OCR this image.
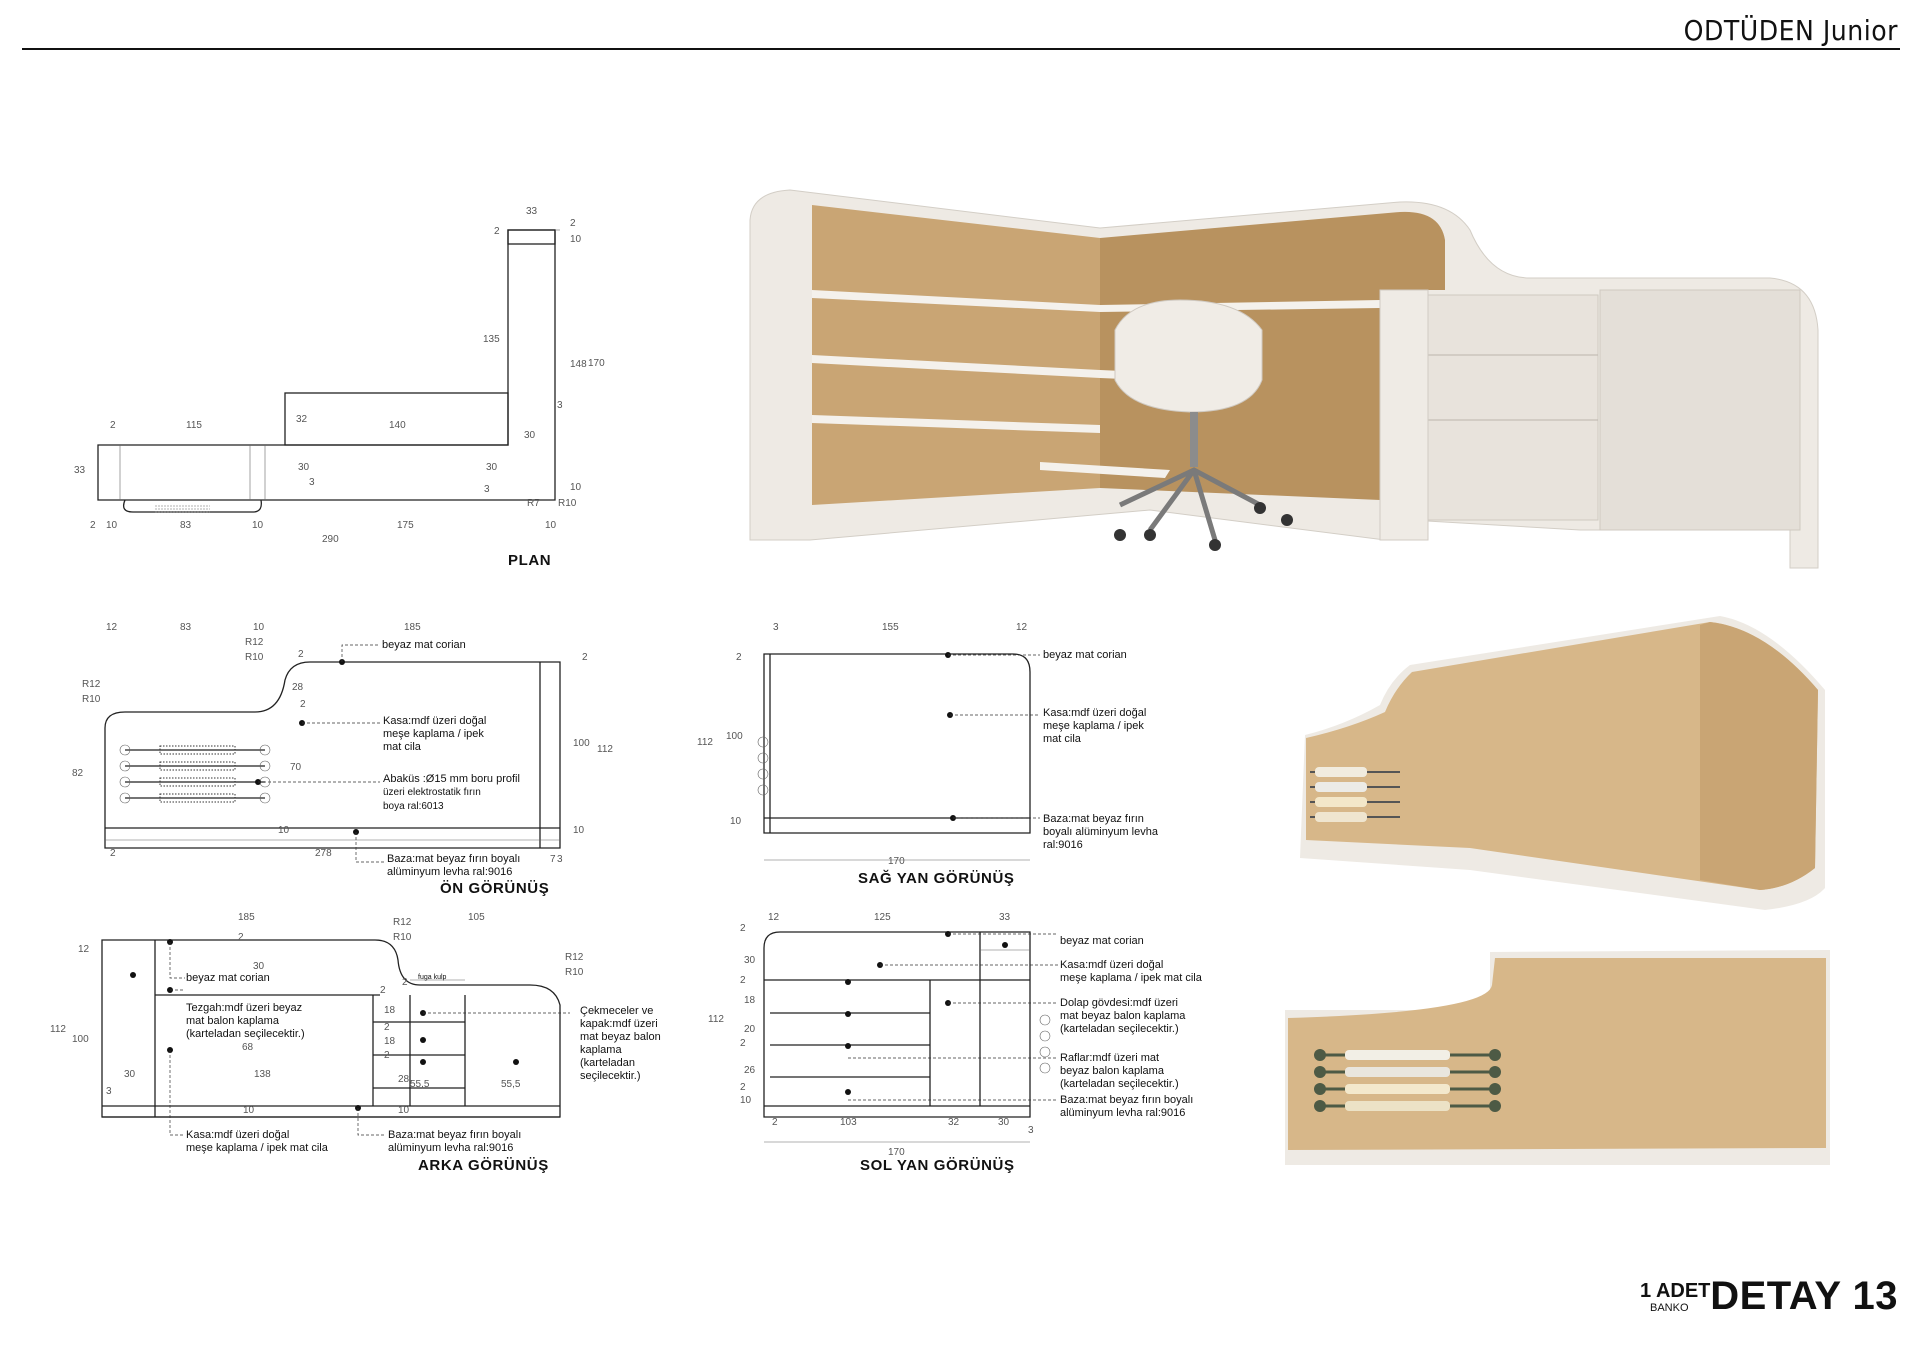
ODTÜDEN Junior
33
2
2
10
135
148 170
2	115
32
140
30
3
33	30	30
3
3	10
R7 R10
2 10	83	10	175	10
290
PLAN
12	83	10	185
R12
R10	2
R12
R10
28
2
2
100
112
82
70
10	10
2	278
7 3
beyaz mat corian
Kasa:mdf üzeri doğal
meşe kaplama / ipek
mat cila
Abaküs :Ø15 mm boru profil
üzeri elektrostatik fırın
boya ral:6013
Baza:mat beyaz fırın boyalı
alüminyum levha ral:9016
ÖN GÖRÜNÜŞ
185	R12
R10
105
12
2
30
R12
R10
2
2
112
100
68
18
2
18
2
30	138	28 55,5	55,5
3
10	10
beyaz mat corian
Tezgah:mdf üzeri beyaz
mat balon kaplama
(karteladan seçilecektir.)
fuga kulp
Çekmeceler ve
kapak:mdf üzeri
mat beyaz balon
kaplama
(karteladan
seçilecektir.)
Kasa:mdf üzeri doğal
meşe kaplama / ipek mat cila
Baza:mat beyaz fırın boyalı
alüminyum levha ral:9016
ARKA GÖRÜNÜŞ
3	155	12
2
112
100
10
170
beyaz mat corian
Kasa:mdf üzeri doğal
meşe kaplama / ipek
mat cila
Baza:mat beyaz fırın
boyalı alüminyum levha
ral:9016
SAĞ YAN GÖRÜNÜŞ
2
12	125	33
30
2
112
18
20
2
26
2
10
2	103	32	30
3
170
beyaz mat corian
Kasa:mdf üzeri doğal
meşe kaplama / ipek mat cila
Dolap gövdesi:mdf üzeri
mat beyaz balon kaplama
(karteladan seçilecektir.)
Raflar:mdf üzeri mat
beyaz balon kaplama
(karteladan seçilecektir.)
Baza:mat beyaz fırın boyalı
alüminyum levha ral:9016
SOL YAN GÖRÜNÜŞ
1 ADET
BANKO DETAY 13
